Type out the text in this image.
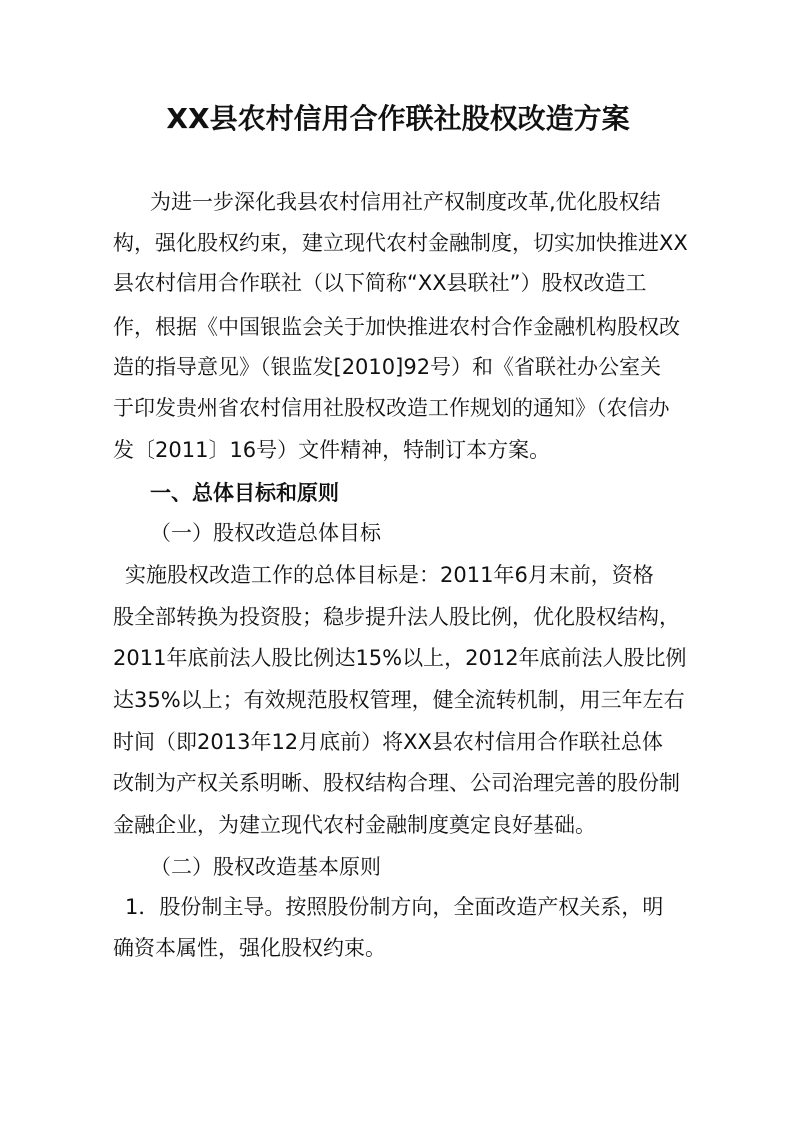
XX县农村信用合作联社股权改造方案
为进一步深化我县农村信用社产权制度改革,优化股权结
构，强化股权约束，建立现代农村金融制度，切实加快推进XX
县农村信用合作联社（以下简称“XX县联社”）股权改造工
作，根据《中国银监会关于加快推进农村合作金融机构股权改
造的指导意见》（银监发[2010]92号）和《省联社办公室关
于印发贵州省农村信用社股权改造工作规划的通知》（农信办
发〔2011〕16号）文件精神，特制订本方案。
一、总体目标和原则
（一）股权改造总体目标
实施股权改造工作的总体目标是：2011年6月末前，资格
股全部转换为投资股；稳步提升法人股比例，优化股权结构，
2011年底前法人股比例达15%以上，2012年底前法人股比例
达35%以上；有效规范股权管理，健全流转机制，用三年左右
时间（即2013年12月底前）将XX县农村信用合作联社总体
改制为产权关系明晰、股权结构合理、公司治理完善的股份制
金融企业，为建立现代农村金融制度奠定良好基础。
（二）股权改造基本原则
1．股份制主导。按照股份制方向，全面改造产权关系，明
确资本属性，强化股权约束。
